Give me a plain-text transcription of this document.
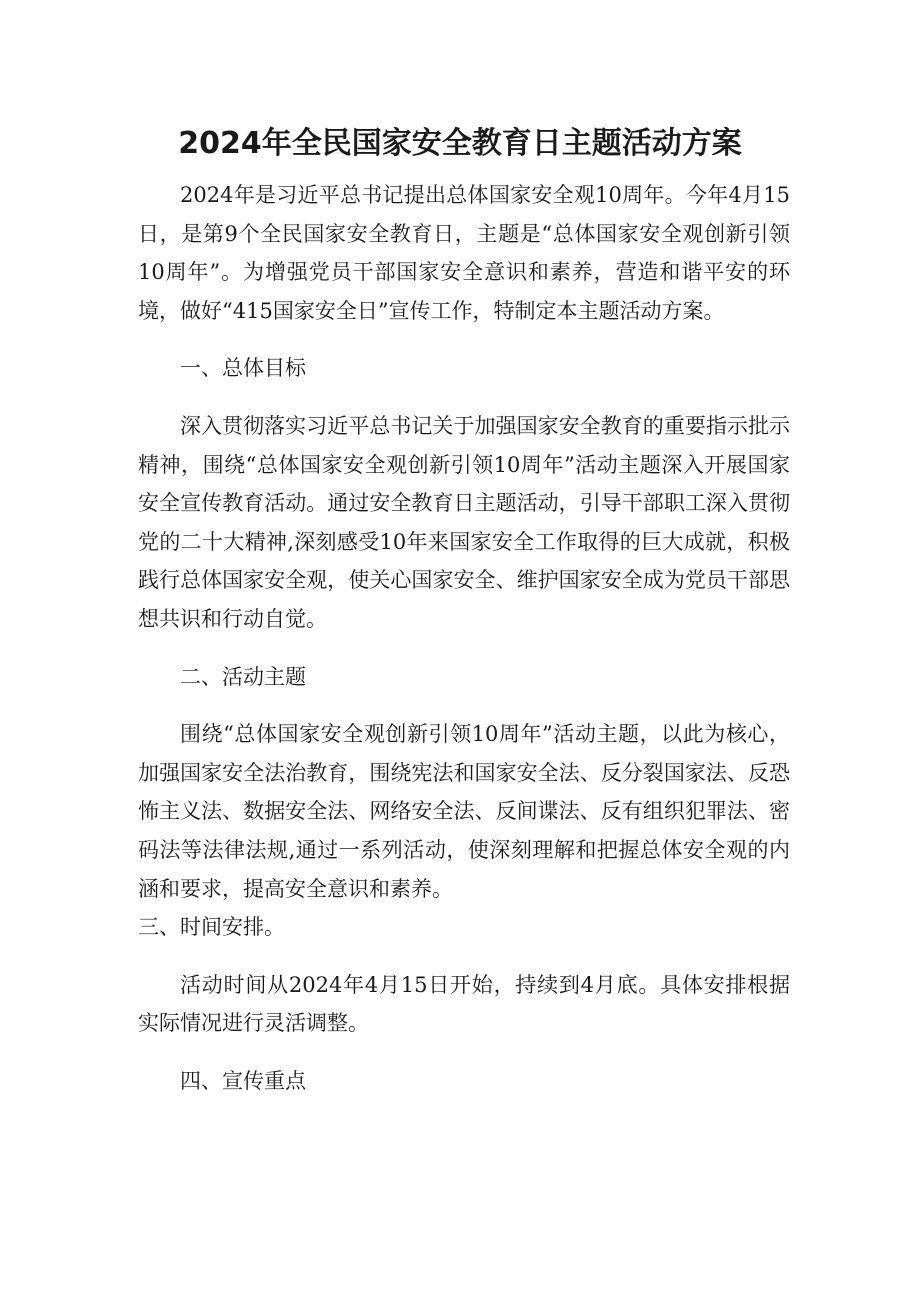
2024年全民国家安全教育日主题活动方案

2024年是习近平总书记提出总体国家安全观10周年。今年4月15日，是第9个全民国家安全教育日，主题是“总体国家安全观创新引领10周年”。为增强党员干部国家安全意识和素养，营造和谐平安的环境，做好“415国家安全日”宣传工作，特制定本主题活动方案。

一、总体目标

深入贯彻落实习近平总书记关于加强国家安全教育的重要指示批示精神，围绕“总体国家安全观创新引领10周年”活动主题深入开展国家安全宣传教育活动。通过安全教育日主题活动，引导干部职工深入贯彻党的二十大精神,深刻感受10年来国家安全工作取得的巨大成就，积极践行总体国家安全观，使关心国家安全、维护国家安全成为党员干部思想共识和行动自觉。

二、活动主题

围绕“总体国家安全观创新引领10周年”活动主题，以此为核心，加强国家安全法治教育，围绕宪法和国家安全法、反分裂国家法、反恐怖主义法、数据安全法、网络安全法、反间谍法、反有组织犯罪法、密码法等法律法规,通过一系列活动，使深刻理解和把握总体安全观的内涵和要求，提高安全意识和素养。

三、时间安排。

活动时间从2024年4月15日开始，持续到4月底。具体安排根据实际情况进行灵活调整。

四、宣传重点
